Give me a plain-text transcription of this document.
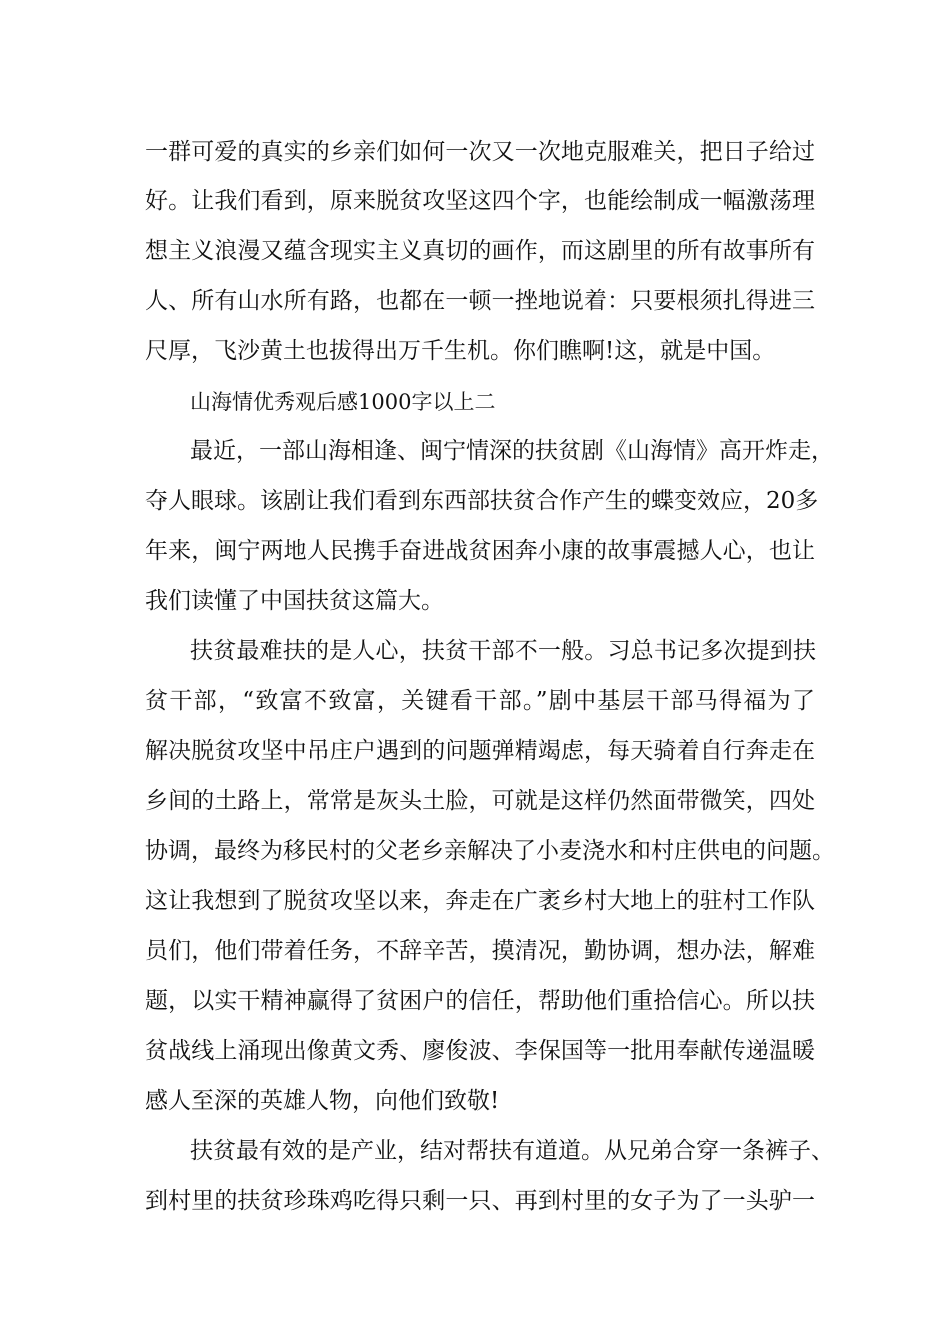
一群可爱的真实的乡亲们如何一次又一次地克服难关，把日子给过
好。让我们看到，原来脱贫攻坚这四个字，也能绘制成一幅激荡理
想主义浪漫又蕴含现实主义真切的画作，而这剧里的所有故事所有
人、所有山水所有路，也都在一顿一挫地说着：只要根须扎得进三
尺厚，飞沙黄土也拔得出万千生机。你们瞧啊!这，就是中国。
山海情优秀观后感1000字以上二
最近，一部山海相逢、闽宁情深的扶贫剧《山海情》高开炸走，
夺人眼球。该剧让我们看到东西部扶贫合作产生的蝶变效应，20多
年来，闽宁两地人民携手奋进战贫困奔小康的故事震撼人心，也让
我们读懂了中国扶贫这篇大。
扶贫最难扶的是人心，扶贫干部不一般。习总书记多次提到扶
贫干部，“致富不致富，关键看干部。”剧中基层干部马得福为了
解决脱贫攻坚中吊庄户遇到的问题弹精竭虑，每天骑着自行奔走在
乡间的土路上，常常是灰头土脸，可就是这样仍然面带微笑，四处
协调，最终为移民村的父老乡亲解决了小麦浇水和村庄供电的问题。
这让我想到了脱贫攻坚以来，奔走在广袤乡村大地上的驻村工作队
员们，他们带着任务，不辞辛苦，摸清况，勤协调，想办法，解难
题，以实干精神赢得了贫困户的信任，帮助他们重拾信心。所以扶
贫战线上涌现出像黄文秀、廖俊波、李保国等一批用奉献传递温暖
感人至深的英雄人物，向他们致敬!
扶贫最有效的是产业，结对帮扶有道道。从兄弟合穿一条裤子、
到村里的扶贫珍珠鸡吃得只剩一只、再到村里的女子为了一头驴一
